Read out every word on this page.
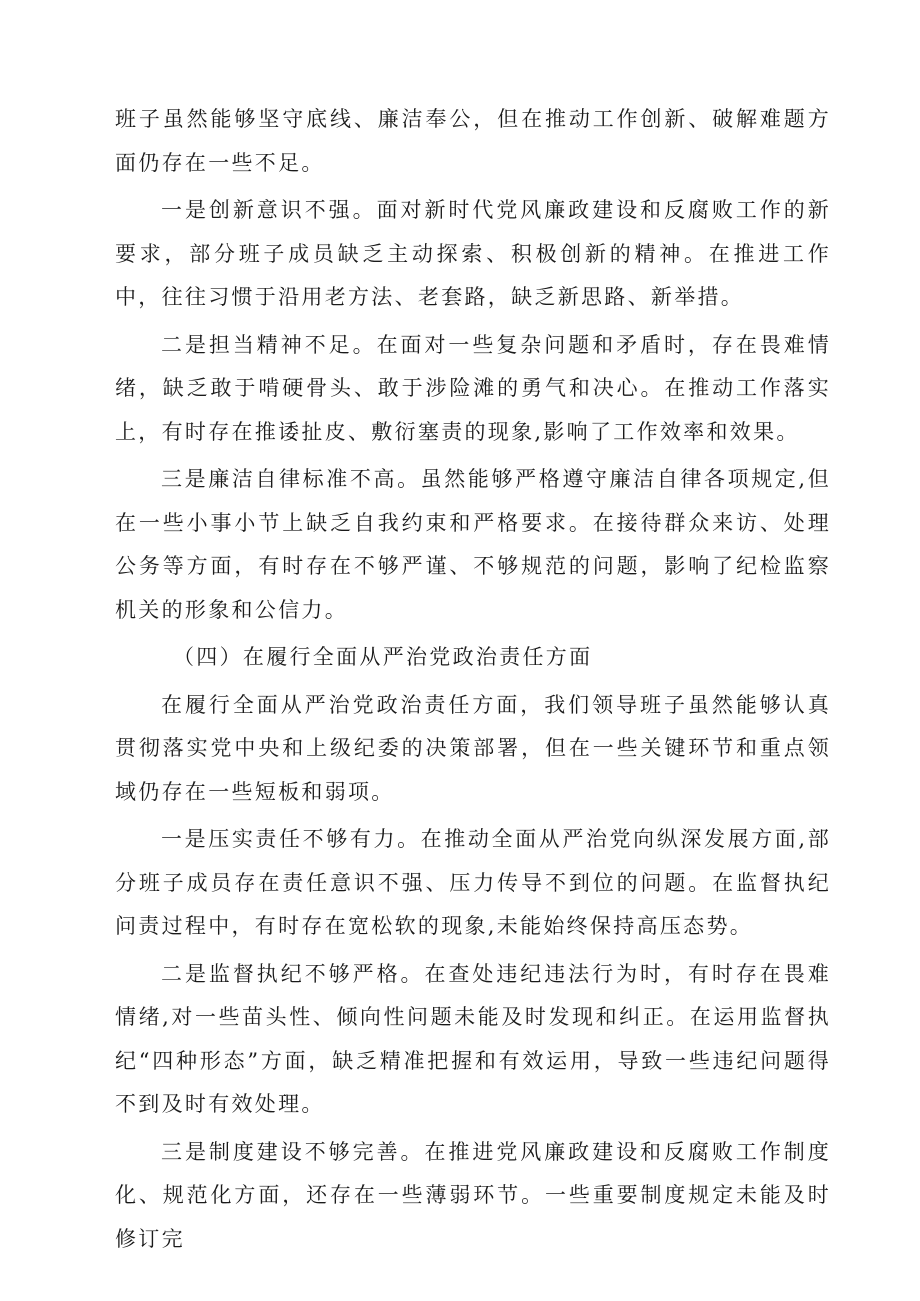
班子虽然能够坚守底线、廉洁奉公，但在推动工作创新、破解难题方面仍存在一些不足。

一是创新意识不强。面对新时代党风廉政建设和反腐败工作的新要求，部分班子成员缺乏主动探索、积极创新的精神。在推进工作中，往往习惯于沿用老方法、老套路，缺乏新思路、新举措。

二是担当精神不足。在面对一些复杂问题和矛盾时，存在畏难情绪，缺乏敢于啃硬骨头、敢于涉险滩的勇气和决心。在推动工作落实上，有时存在推诿扯皮、敷衍塞责的现象,影响了工作效率和效果。

三是廉洁自律标准不高。虽然能够严格遵守廉洁自律各项规定,但在一些小事小节上缺乏自我约束和严格要求。在接待群众来访、处理公务等方面，有时存在不够严谨、不够规范的问题，影响了纪检监察机关的形象和公信力。

（四）在履行全面从严治党政治责任方面

在履行全面从严治党政治责任方面，我们领导班子虽然能够认真贯彻落实党中央和上级纪委的决策部署，但在一些关键环节和重点领域仍存在一些短板和弱项。

一是压实责任不够有力。在推动全面从严治党向纵深发展方面,部分班子成员存在责任意识不强、压力传导不到位的问题。在监督执纪问责过程中，有时存在宽松软的现象,未能始终保持高压态势。

二是监督执纪不够严格。在查处违纪违法行为时，有时存在畏难情绪,对一些苗头性、倾向性问题未能及时发现和纠正。在运用监督执纪“四种形态”方面，缺乏精准把握和有效运用，导致一些违纪问题得不到及时有效处理。

三是制度建设不够完善。在推进党风廉政建设和反腐败工作制度化、规范化方面，还存在一些薄弱环节。一些重要制度规定未能及时修订完
